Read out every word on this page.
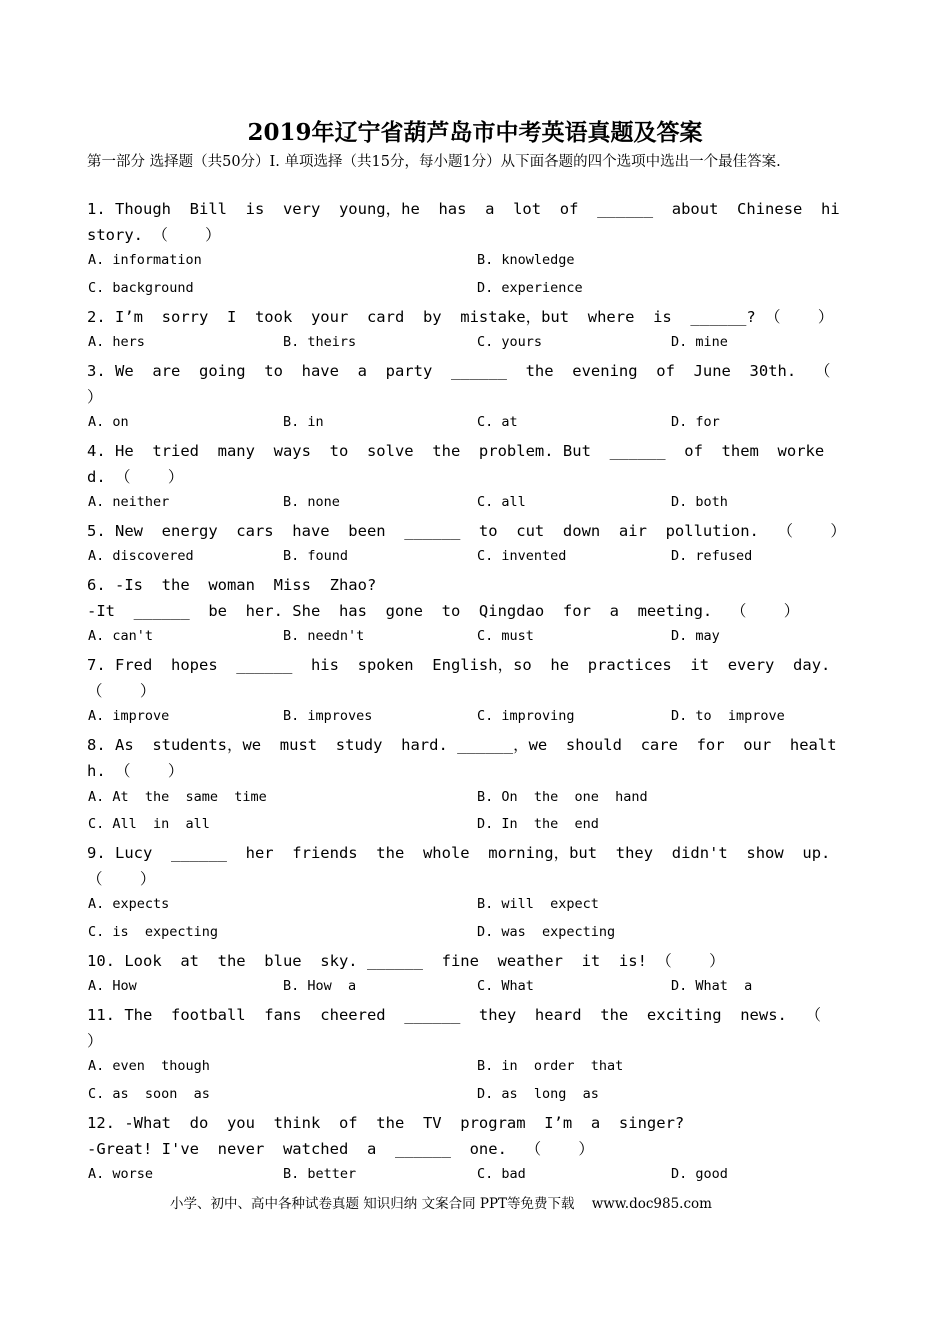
2019年辽宁省葫芦岛市中考英语真题及答案
第一部分 选择题（共50分）Ⅰ. 单项选择（共15分，每小题1分）从下面各题的四个选项中选出一个最佳答案.
1. Though  Bill  is  very  young，he  has  a  lot  of  ______  about  Chinese  hi
story. （    ）
A. information	B. knowledge
C. background	D. experience
2. I’m  sorry  I  took  your  card  by  mistake，but  where  is  ______? （    ）
A. hers	B. theirs	C. yours	D. mine
3. We  are  going  to  have  a  party  ______  the  evening  of  June  30th.  （
）
A. on	B. in	C. at	D. for
4. He  tried  many  ways  to  solve  the  problem. But  ______  of  them  worke
d. （    ）
A. neither	B. none	C. all	D. both
5. New  energy  cars  have  been  ______  to  cut  down  air  pollution.  （    ）
A. discovered	B. found	C. invented	D. refused
6. -Is  the  woman  Miss  Zhao?
-It  ______  be  her. She  has  gone  to  Qingdao  for  a  meeting.  （    ）
A. can't	B. needn't	C. must	D. may
7. Fred  hopes  ______  his  spoken  English，so  he  practices  it  every  day.
（    ）
A. improve	B. improves	C. improving	D. to  improve
8. As  students，we  must  study  hard. ______，we  should  care  for  our  healt
h. （    ）
A. At  the  same  time	B. On  the  one  hand
C. All  in  all	D. In  the  end
9. Lucy  ______  her  friends  the  whole  morning，but  they  didn't  show  up.
（    ）
A. expects	B. will  expect
C. is  expecting	D. was  expecting
10. Look  at  the  blue  sky. ______  fine  weather  it  is! （    ）
A. How	B. How  a	C. What	D. What  a
11. The  football  fans  cheered  ______  they  heard  the  exciting  news.  （
）
A. even  though	B. in  order  that
C. as  soon  as	D. as  long  as
12. -What  do  you  think  of  the  TV  program  I’m  a  singer?
-Great! I've  never  watched  a  ______  one.  （    ）
A. worse	B. better	C. bad	D. good
小学、初中、高中各种试卷真题 知识归纳 文案合同 PPT等免费下载    www.doc985.com
